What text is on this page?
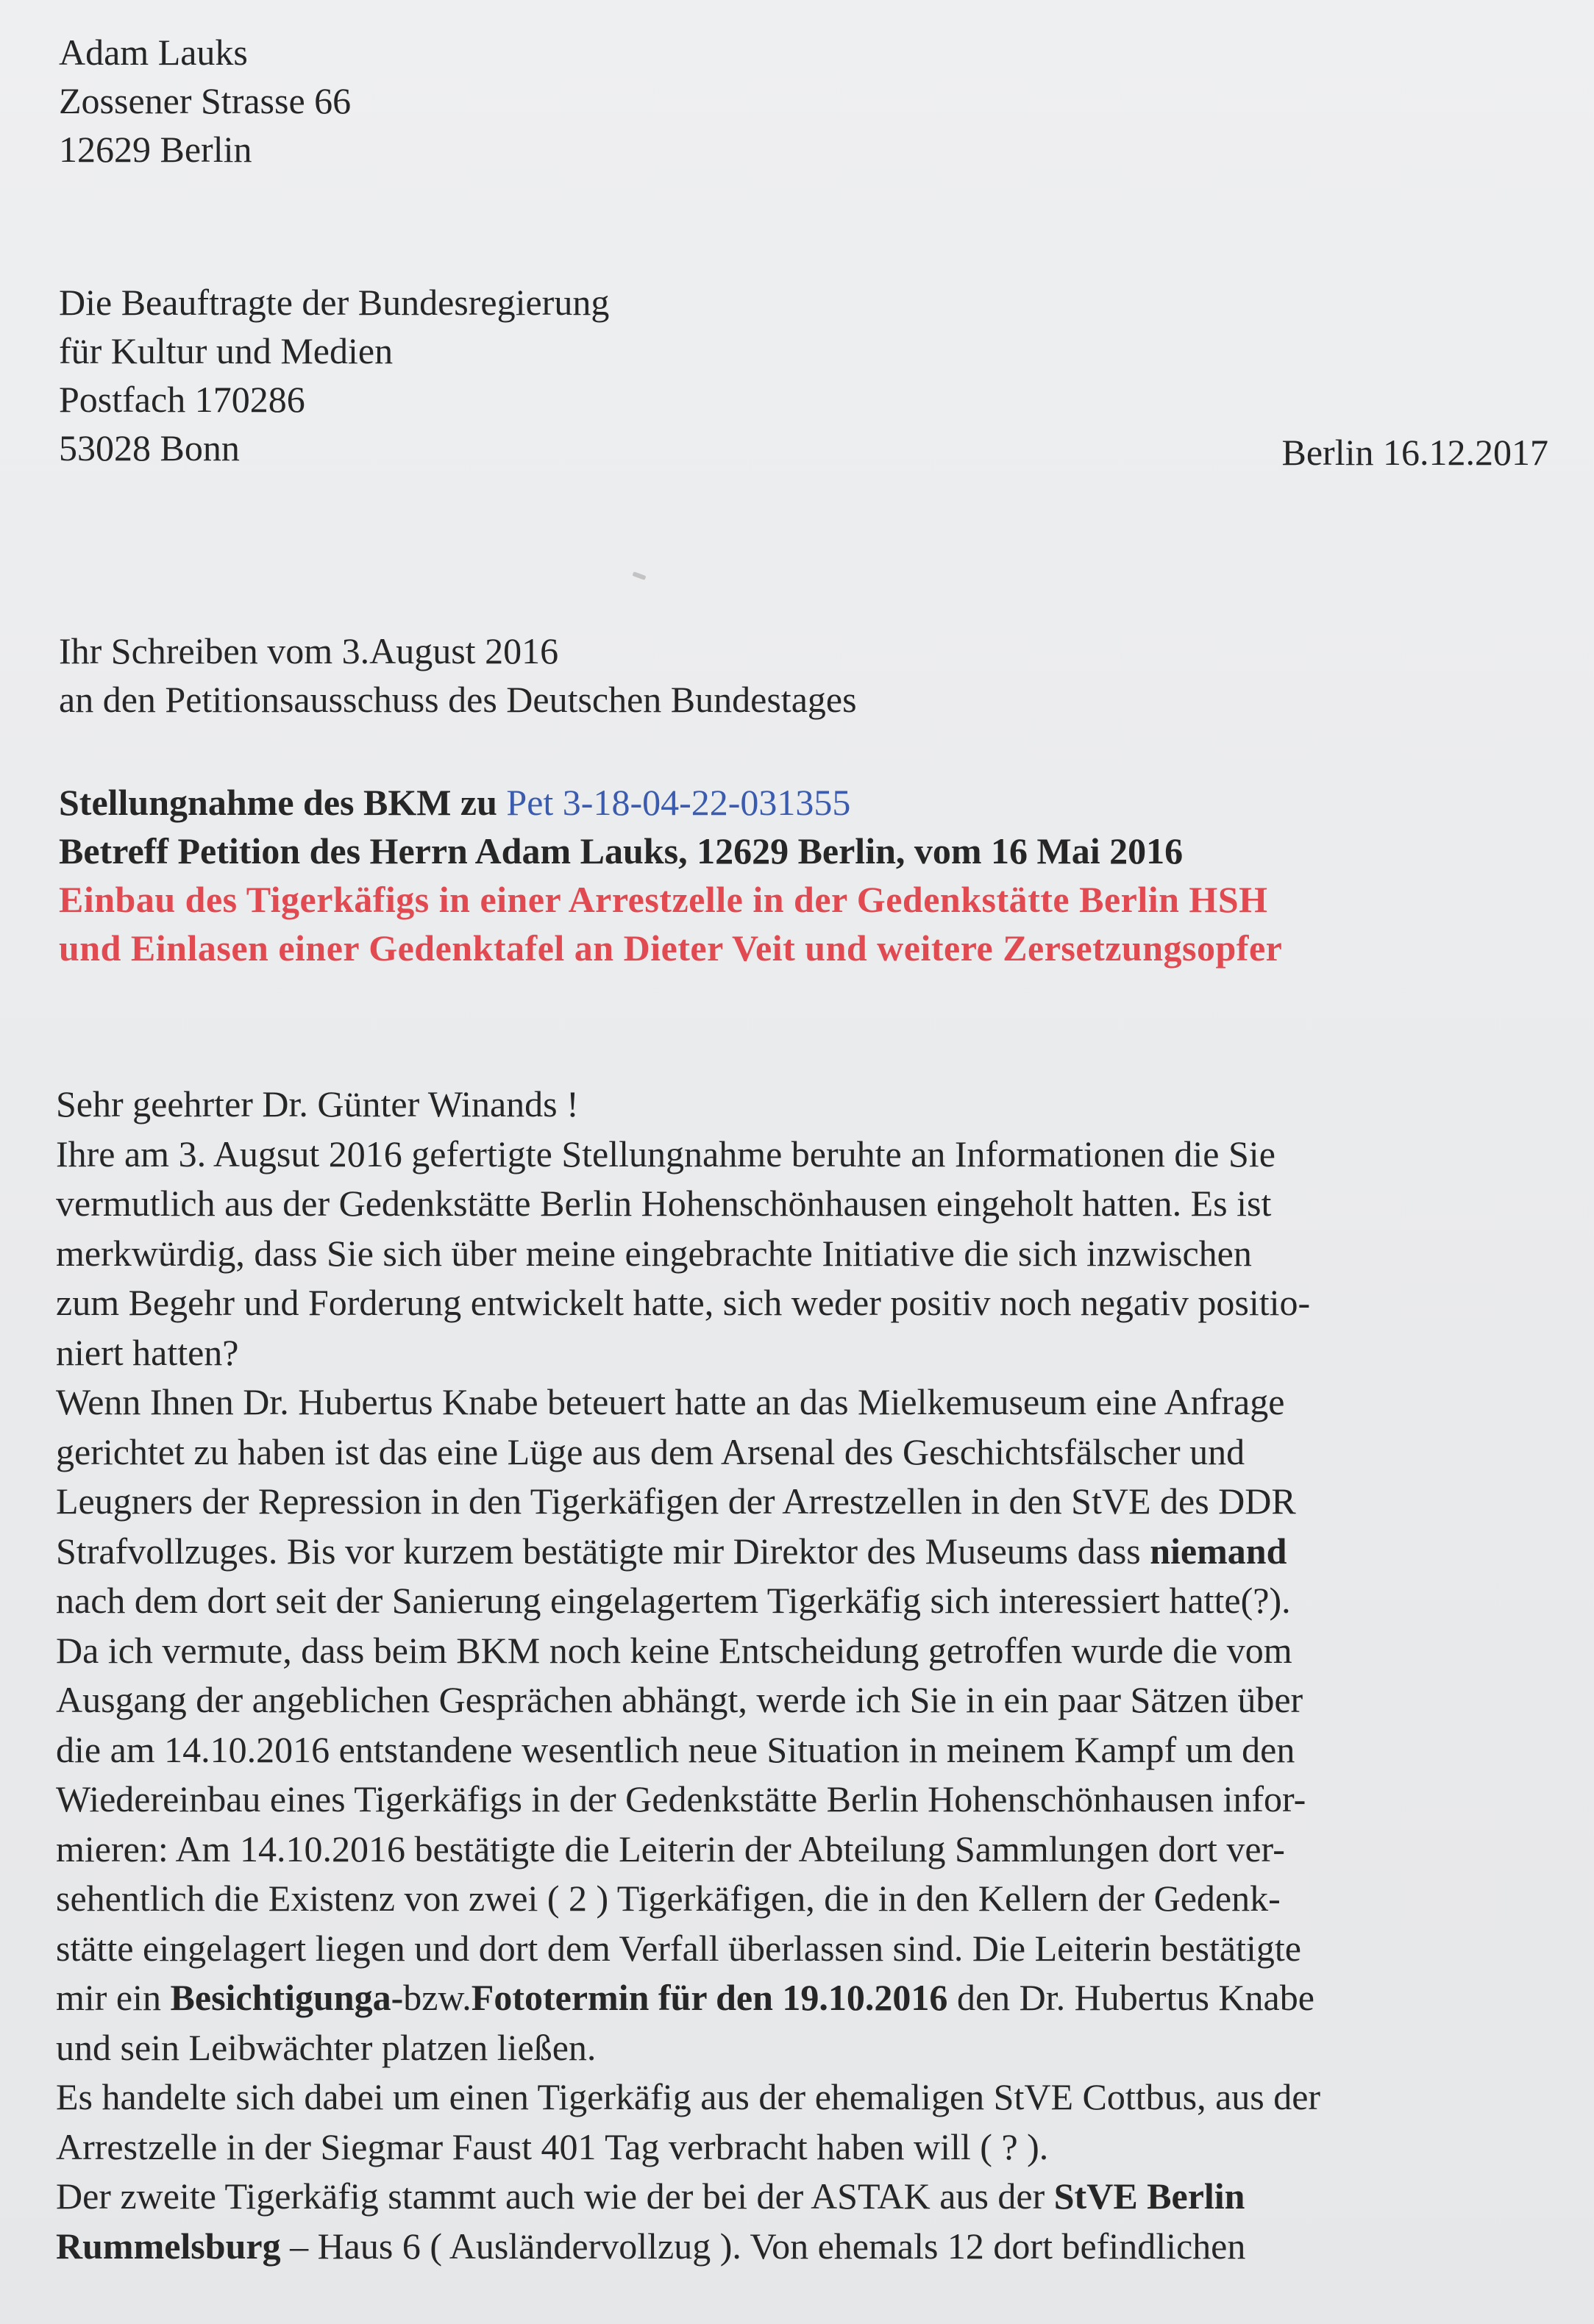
Adam Lauks
Zossener Strasse 66
12629 Berlin
Die Beauftragte der Bundesregierung
für Kultur und Medien
Postfach 170286
53028 Bonn	Berlin 16.12.2017
Ihr Schreiben vom 3.August 2016
an den Petitionsausschuss des Deutschen Bundestages
Stellungnahme des BKM zu Pet 3-18-04-22-031355
Betreff Petition des Herrn Adam Lauks, 12629 Berlin, vom 16 Mai 2016
Einbau des Tigerkäfigs in einer Arrestzelle in der Gedenkstätte Berlin HSH
und Einlasen einer Gedenktafel an Dieter Veit und weitere Zersetzungsopfer
Sehr geehrter Dr. Günter Winands !
Ihre am 3. Augsut 2016 gefertigte Stellungnahme beruhte an Informationen die Sie
vermutlich aus der Gedenkstätte Berlin Hohenschönhausen eingeholt hatten. Es ist
merkwürdig, dass Sie sich über meine eingebrachte Initiative die sich inzwischen
zum Begehr und Forderung entwickelt hatte, sich weder positiv noch negativ positio-
niert hatten?
Wenn Ihnen Dr. Hubertus Knabe beteuert hatte an das Mielkemuseum eine Anfrage
gerichtet zu haben ist das eine Lüge aus dem Arsenal des Geschichtsfälscher und
Leugners der Repression in den Tigerkäfigen der Arrestzellen in den StVE des DDR
Strafvollzuges. Bis vor kurzem bestätigte mir Direktor des Museums dass niemand
nach dem dort seit der Sanierung eingelagertem Tigerkäfig sich interessiert hatte(?).
Da ich vermute, dass beim BKM noch keine Entscheidung getroffen wurde die vom
Ausgang der angeblichen Gesprächen abhängt, werde ich Sie in ein paar Sätzen über
die am 14.10.2016 entstandene wesentlich neue Situation in meinem Kampf um den
Wiedereinbau eines Tigerkäfigs in der Gedenkstätte Berlin Hohenschönhausen infor-
mieren: Am 14.10.2016 bestätigte die Leiterin der Abteilung Sammlungen dort ver-
sehentlich die Existenz von zwei ( 2 ) Tigerkäfigen, die in den Kellern der Gedenk-
stätte eingelagert liegen und dort dem Verfall überlassen sind. Die Leiterin bestätigte
mir ein Besichtigunga-bzw.Fototermin für den 19.10.2016 den Dr. Hubertus Knabe
und sein Leibwächter platzen ließen.
Es handelte sich dabei um einen Tigerkäfig aus der ehemaligen StVE Cottbus, aus der
Arrestzelle in der Siegmar Faust 401 Tag verbracht haben will ( ? ).
Der zweite Tigerkäfig stammt auch wie der bei der ASTAK aus der StVE Berlin
Rummelsburg – Haus 6 ( Ausländervollzug ). Von ehemals 12 dort befindlichen
